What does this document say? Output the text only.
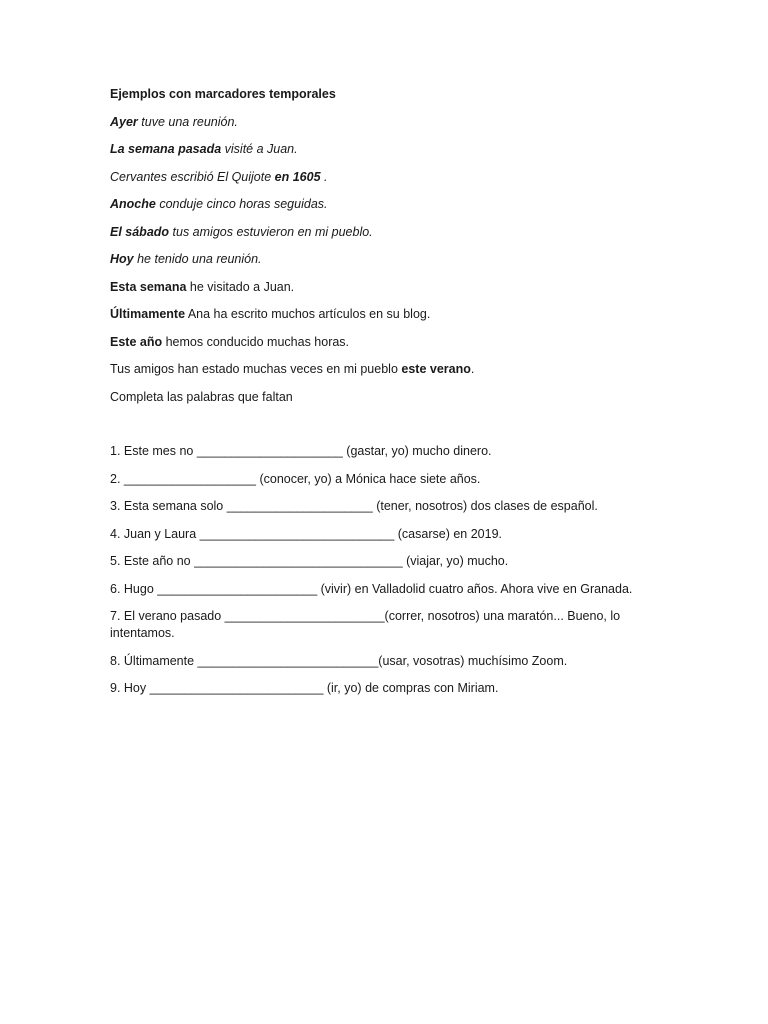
Ejemplos con marcadores temporales
Ayer tuve una reunión.
La semana pasada visité a Juan.
Cervantes escribió El Quijote en 1605 .
Anoche conduje cinco horas seguidas.
El sábado tus amigos estuvieron en mi pueblo.
Hoy he tenido una reunión.
Esta semana he visitado a Juan.
Últimamente Ana ha escrito muchos artículos en su blog.
Este año hemos conducido muchas horas.
Tus amigos han estado muchas veces en mi pueblo este verano.
Completa las palabras que faltan
1. Este mes no _____________________ (gastar, yo) mucho dinero.
2. ___________________ (conocer, yo) a Mónica hace siete años.
3. Esta semana solo _____________________ (tener, nosotros) dos clases de español.
4. Juan y Laura ____________________________ (casarse) en 2019.
5. Este año no ______________________________ (viajar, yo) mucho.
6. Hugo _______________________ (vivir) en Valladolid cuatro años. Ahora vive en Granada.
7. El verano pasado _______________________(correr, nosotros) una maratón... Bueno, lo intentamos.
8. Últimamente __________________________(usar, vosotras) muchísimo Zoom.
9. Hoy _________________________ (ir, yo) de compras con Miriam.
